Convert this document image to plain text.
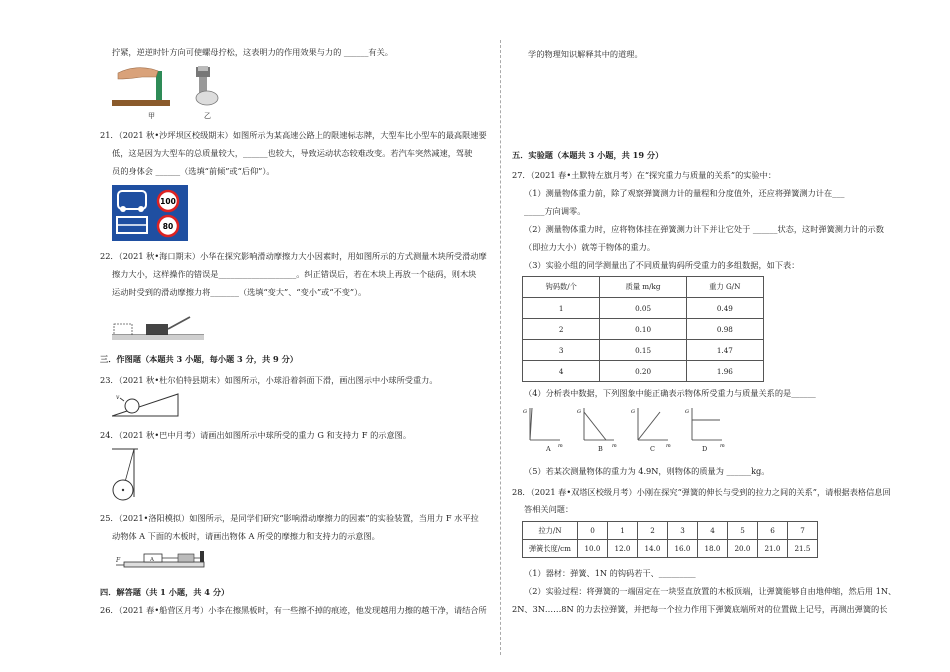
拧紧，逆逆时针方向可使螺母拧松，这表明力的作用效果与力的 ______有关。
甲	乙
21．（2021 秋•沙坪坝区校级期末）如图所示为某高速公路上的限速标志牌，大型车比小型车的最高限速要
低，这是因为大型车的总质量较大，______也较大，导致运动状态较难改变。若汽车突然减速，驾驶
员的身体会 ______（选填“前倾”或“后仰”）。
100
80
22．（2021 秋•海口期末）小华在探究影响滑动摩擦力大小因素时，用如图所示的方式测量木块所受滑动摩
擦力大小，这样操作的错误是___________________。纠正错误后，若在木块上再放一个砝码，则木块
运动时受到的滑动摩擦力将_______（选填“变大”、“变小”或“不变”）。
三．作图题（本题共 3 小题，每小题 3 分，共 9 分）
23．（2021 秋•杜尔伯特县期末）如图所示，小球沿着斜面下滑，画出图示中小球所受重力。
v
24．（2021 秋•巴中月考）请画出如图所示中球所受的重力 G 和支持力 F 的示意图。
25．（2021•洛阳模拟）如图所示，是同学们研究“影响滑动摩擦力的因素”的实验装置，当用力 F 水平拉
动物体 A 下面的木板时，请画出物体 A 所受的摩擦力和支持力的示意图。
F	A
四．解答题（共 1 小题，共 4 分）
26．（2021 春•船营区月考）小李在擦黑板时，有一些擦不掉的痕迹，他发现越用力擦的越干净，请结合所
学的物理知识解释其中的道理。
五．实验题（本题共 3 小题，共 19 分）
27．（2021 春•土默特左旗月考）在“探究重力与质量的关系”的实验中：
（1）测量物体重力前，除了观察弹簧测力计的量程和分度值外，还应将弹簧测力计在___
_____方向调零。
（2）测量物体重力时，应将物体挂在弹簧测力计下并让它处于 ______状态，这时弹簧测力计的示数
（即拉力大小）就等于物体的重力。
（3）实验小组的同学测量出了不同质量钩码所受重力的多组数据，如下表：
钩码数/个	质量 m/kg	重力 G/N
1	0.05	0.49
2	0.10	0.98
3	0.15	1.47
4	0.20	1.96
（4）分析表中数据，下列图象中能正确表示物体所受重力与质量关系的是______
G
m
G
m
G
m
G
m
A	B	C	D
（5）若某次测量物体的重力为 4.9N，则物体的质量为 ______kg。
28．（2021 春•双塔区校级月考）小刚在探究“弹簧的伸长与受到的拉力之间的关系”，请根据表格信息回
答相关问题：
拉力/N	0	1	2	3	4	5	6	7
弹簧长度/cm	10.0	12.0	14.0	16.0	18.0	20.0	21.0	21.5
（1）器材：弹簧、1N 的钩码若干、_________
（2）实验过程：将弹簧的一端固定在一块竖直放置的木板顶端，让弹簧能够自由地伸缩，然后用 1N、
2N、3N……8N 的力去拉弹簧，并把每一个拉力作用下弹簧底端所对的位置做上记号，再测出弹簧的长
